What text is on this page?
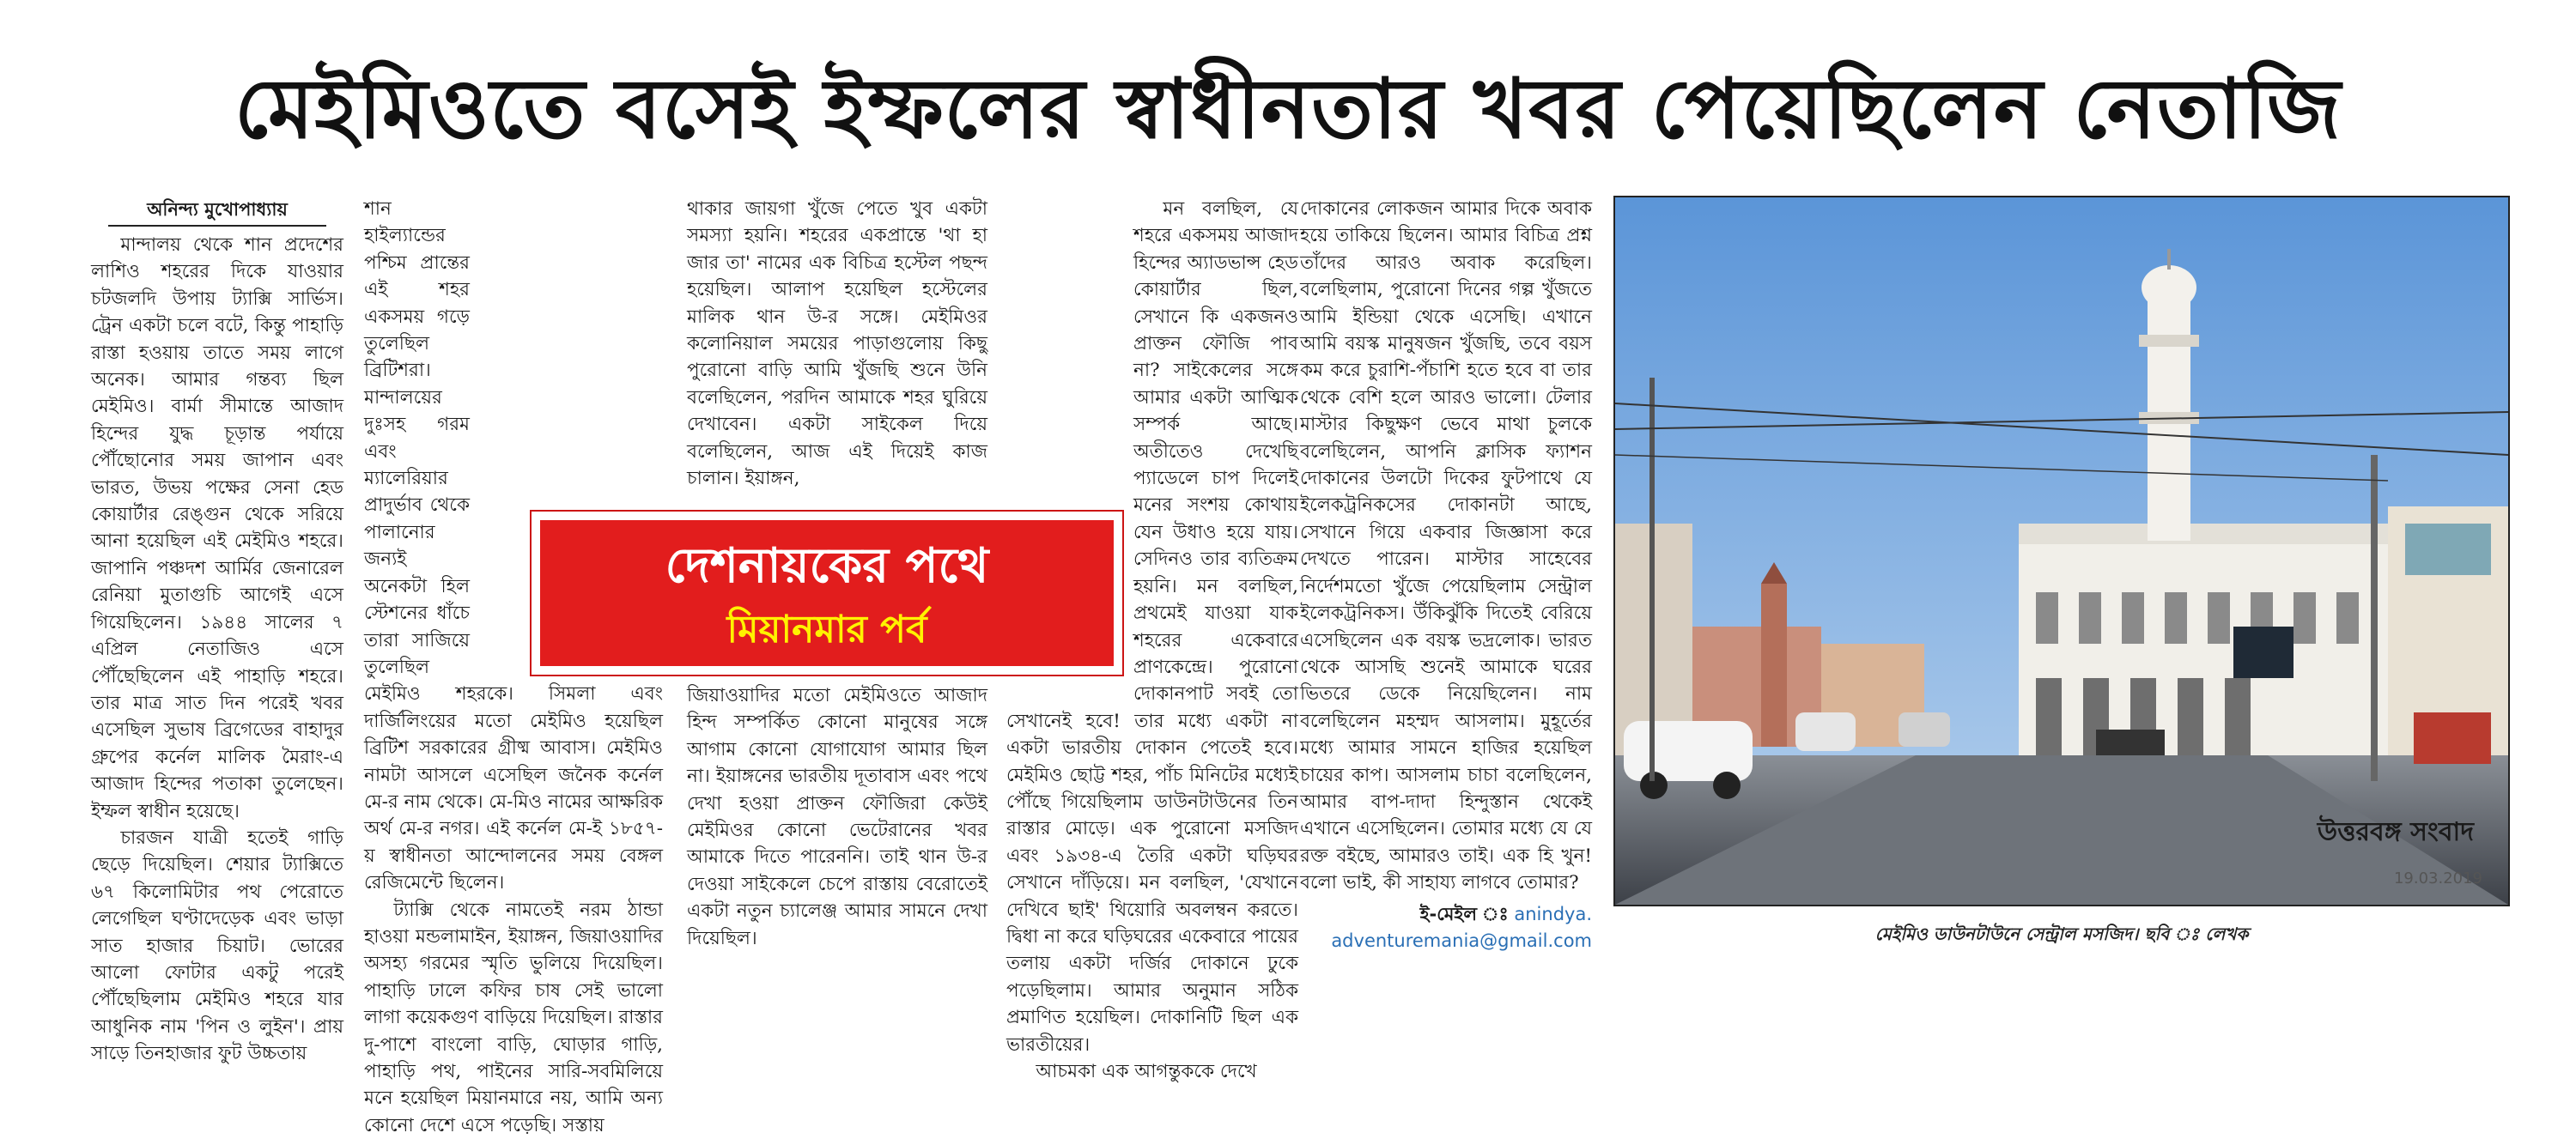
মেইমিওতে বসেই ইম্ফলের স্বাধীনতার খবর পেয়েছিলেন নেতাজি
অনিন্দ্য মুখোপাধ্যায়

মান্দালয় থেকে শান প্রদেশের লাশিও শহরের দিকে যাওয়ার চটজলদি উপায় ট্যাক্সি সার্ভিস। ট্রেন একটা চলে বটে, কিন্তু পাহাড়ি রাস্তা হওয়ায় তাতে সময় লাগে অনেক। আমার গন্তব্য ছিল মেইমিও। বার্মা সীমান্তে আজাদ হিন্দের যুদ্ধ চূড়ান্ত পর্যায়ে পৌঁছোনোর সময় জাপান এবং ভারত, উভয় পক্ষের সেনা হেড কোয়ার্টার রেঙ্গুন থেকে সরিয়ে আনা হয়েছিল এই মেইমিও শহরে। জাপানি পঞ্চদশ আর্মির জেনারেল রেনিয়া মুতাগুচি আগেই এসে গিয়েছিলেন। ১৯৪৪ সালের ৭ এপ্রিল নেতাজিও এসে পৌঁছেছিলেন এই পাহাড়ি শহরে। তার মাত্র সাত দিন পরেই খবর এসেছিল সুভাষ ব্রিগেডের বাহাদুর গ্রুপের কর্নেল মালিক মৈরাং-এ আজাদ হিন্দের পতাকা তুলেছেন। ইম্ফল স্বাধীন হয়েছে।

চারজন যাত্রী হতেই গাড়ি ছেড়ে দিয়েছিল। শেয়ার ট্যাক্সিতে ৬৭ কিলোমিটার পথ পেরোতে লেগেছিল ঘণ্টাদেড়েক এবং ভাড়া সাত হাজার চিয়াট। ভোরের আলো ফোটার একটু পরেই পৌঁছেছিলাম মেইমিও শহরে যার আধুনিক নাম 'পিন ও লুইন'। প্রায় সাড়ে তিনহাজার ফুট উচ্চতায়

শান হাইল্যান্ডের পশ্চিম প্রান্তের এই শহর একসময় গড়ে তুলেছিল ব্রিটিশরা। মান্দালয়ের দুঃসহ গরম এবং ম্যালেরিয়ার প্রাদুর্ভাব থেকে পালানোর জন্যই অনেকটা হিল স্টেশনের ধাঁচে তারা সাজিয়ে তুলেছিল মেইমিও শহরকে। সিমলা এবং দার্জিলিংয়ের মতো মেইমিও হয়েছিল ব্রিটিশ সরকারের গ্রীষ্ম আবাস। মেইমিও নামটা আসলে এসেছিল জনৈক কর্নেল মে-র নাম থেকে। মে-মিও নামের আক্ষরিক অর্থ মে-র নগর। এই কর্নেল মে-ই ১৮৫৭-য় স্বাধীনতা আন্দোলনের সময় বেঙ্গল রেজিমেন্টে ছিলেন।

ট্যাক্সি থেকে নামতেই নরম ঠান্ডা হাওয়া মন্ডলামাইন, ইয়াঙ্গন, জিয়াওয়াদির অসহ্য গরমের স্মৃতি ভুলিয়ে দিয়েছিল। পাহাড়ি ঢালে কফির চাষ সেই ভালো লাগা কয়েকগুণ বাড়িয়ে দিয়েছিল। রাস্তার দু-পাশে বাংলো বাড়ি, ঘোড়ার গাড়ি, পাহাড়ি পথ, পাইনের সারি-সবমিলিয়ে মনে হয়েছিল মিয়ানমারে নয়, আমি অন্য কোনো দেশে এসে পড়েছি। সস্তায়

থাকার জায়গা খুঁজে পেতে খুব একটা সমস্যা হয়নি। শহরের একপ্রান্তে 'থা হা জার তা' নামের এক বিচিত্র হস্টেল পছন্দ হয়েছিল। আলাপ হয়েছিল হস্টেলের মালিক থান উ-র সঙ্গে। মেইমিওর কলোনিয়াল সময়ের পাড়াগুলোয় কিছু পুরোনো বাড়ি আমি খুঁজছি শুনে উনি বলেছিলেন, পরদিন আমাকে শহর ঘুরিয়ে দেখাবেন। একটা সাইকেল দিয়ে বলেছিলেন, আজ এই দিয়েই কাজ চালান। ইয়াঙ্গন,

জিয়াওয়াদির মতো মেইমিওতে আজাদ হিন্দ সম্পর্কিত কোনো মানুষের সঙ্গে আগাম কোনো যোগাযোগ আমার ছিল না। ইয়াঙ্গনের ভারতীয় দূতাবাস এবং পথে দেখা হওয়া প্রাক্তন ফৌজিরা কেউই মেইমিওর কোনো ভেটেরানের খবর আমাকে দিতে পারেননি। তাই থান উ-র দেওয়া সাইকেলে চেপে রাস্তায় বেরোতেই একটা নতুন চ্যালেঞ্জ আমার সামনে দেখা দিয়েছিল।

মন বলছিল, যে শহরে একসময় আজাদ হিন্দের অ্যাডভান্স হেড কোয়ার্টার ছিল, সেখানে কি একজনও প্রাক্তন ফৌজি পাব না? সাইকেলের সঙ্গে আমার একটা আত্মিক সম্পর্ক আছে। অতীতেও দেখেছি প্যাডেলে চাপ দিলেই মনের সংশয় কোথায় যেন উধাও হয়ে যায়। সেদিনও তার ব্যতিক্রম হয়নি। মন বলছিল, প্রথমেই যাওয়া যাক শহরের একেবারে প্রাণকেন্দ্রে। পুরোনো দোকানপাট সবই তো সেখানেই হবে! তার মধ্যে একটা না একটা ভারতীয় দোকান পেতেই হবে। মেইমিও ছোট্ট শহর, পাঁচ মিনিটের মধ্যেই পৌঁছে গিয়েছিলাম ডাউনটাউনের তিন রাস্তার মোড়ে। এক পুরোনো মসজিদ এবং ১৯৩৪-এ তৈরি একটা ঘড়িঘর সেখানে দাঁড়িয়ে। মন বলছিল, 'যেখানে দেখিবে ছাই' থিয়োরি অবলম্বন করতে। দ্বিধা না করে ঘড়িঘরের একেবারে পায়ের তলায় একটা দর্জির দোকানে ঢুকে পড়েছিলাম। আমার অনুমান সঠিক প্রমাণিত হয়েছিল। দোকানিটি ছিল এক ভারতীয়ের।

আচমকা এক আগন্তুককে দেখে

দোকানের লোকজন আমার দিকে অবাক হয়ে তাকিয়ে ছিলেন। আমার বিচিত্র প্রশ্ন তাঁদের আরও অবাক করেছিল। বলেছিলাম, পুরোনো দিনের গল্প খুঁজতে আমি ইন্ডিয়া থেকে এসেছি। এখানে আমি বয়স্ক মানুষজন খুঁজছি, তবে বয়স কম করে চুরাশি-পঁচাশি হতে হবে বা তার থেকে বেশি হলে আরও ভালো। টেলার মাস্টার কিছুক্ষণ ভেবে মাথা চুলকে বলেছিলেন, আপনি ক্লাসিক ফ্যাশন দোকানের উলটো দিকের ফুটপাথে যে ইলেকট্রনিকসের দোকানটা আছে, সেখানে গিয়ে একবার জিজ্ঞাসা করে দেখতে পারেন। মাস্টার সাহেবের নির্দেশমতো খুঁজে পেয়েছিলাম সেন্ট্রাল ইলেকট্রনিকস। উঁকিঝুঁকি দিতেই বেরিয়ে এসেছিলেন এক বয়স্ক ভদ্রলোক। ভারত থেকে আসছি শুনেই আমাকে ঘরের ভিতরে ডেকে নিয়েছিলেন। নাম বলেছিলেন মহম্মদ আসলাম। মুহূর্তের মধ্যে আমার সামনে হাজির হয়েছিল চায়ের কাপ। আসলাম চাচা বলেছিলেন, আমার বাপ-দাদা হিন্দুস্তান থেকেই এখানে এসেছিলেন। তোমার মধ্যে যে যে রক্ত বইছে, আমারও তাই। এক হি খুন! বলো ভাই, কী সাহায্য লাগবে তোমার?

ই-মেইল ঃ anindya.
adventuremania@gmail.com
দেশনায়কের পথে
মিয়ানমার পর্ব
উত্তরবঙ্গ সংবাদ
19.03.2019
মেইমিও ডাউনটাউনে সেন্ট্রাল মসজিদ। ছবি ঃ লেখক
